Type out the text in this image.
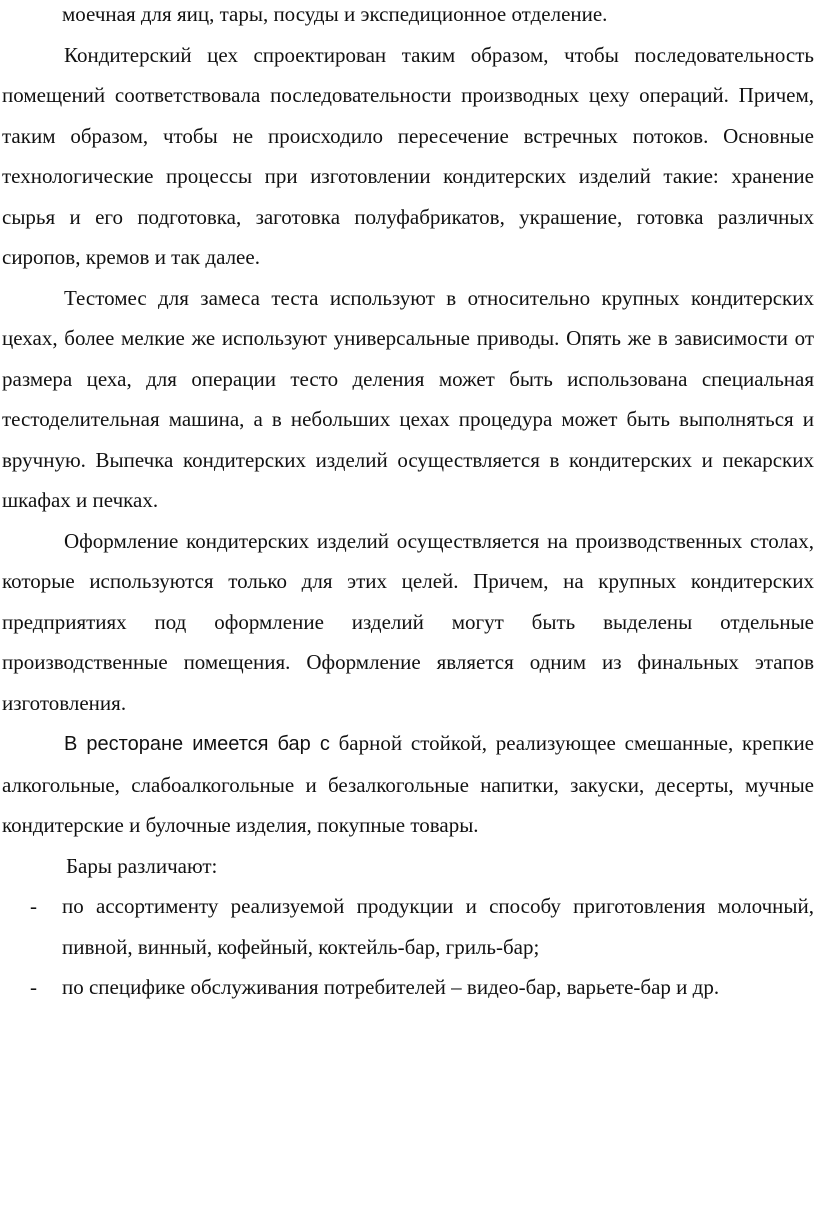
моечная для яиц, тары, посуды и экспедиционное отделение.

Кондитерский цех спроектирован таким образом, чтобы последовательность помещений соответствовала последовательности производных цеху операций. Причем, таким образом, чтобы не происходило пересечение встречных потоков. Основные технологические процессы при изготовлении кондитерских изделий такие: хранение сырья и его подготовка, заготовка полуфабрикатов, украшение, готовка различных сиропов, кремов и так далее.

Тестомес для замеса теста используют в относительно крупных кондитерских цехах, более мелкие же используют универсальные приводы. Опять же в зависимости от размера цеха, для операции тесто деления может быть использована специальная тестоделительная машина, а в небольших цехах процедура может быть выполняться и вручную. Выпечка кондитерских изделий осуществляется в кондитерских и пекарских шкафах и печках.

Оформление кондитерских изделий осуществляется на производственных столах, которые используются только для этих целей. Причем, на крупных кондитерских предприятиях под оформление изделий могут быть выделены отдельные производственные помещения. Оформление является одним из финальных этапов изготовления.

В ресторане имеется бар с барной стойкой, реализующее смешанные, крепкие алкогольные, слабоалкогольные и безалкогольные напитки, закуски, десерты, мучные кондитерские и булочные изделия, покупные товары.

Бары различают:

- по ассортименту реализуемой продукции и способу приготовления молочный, пивной, винный, кофейный, коктейль-бар, гриль-бар;
- по специфике обслуживания потребителей – видео-бар, варьете-бар и др.
